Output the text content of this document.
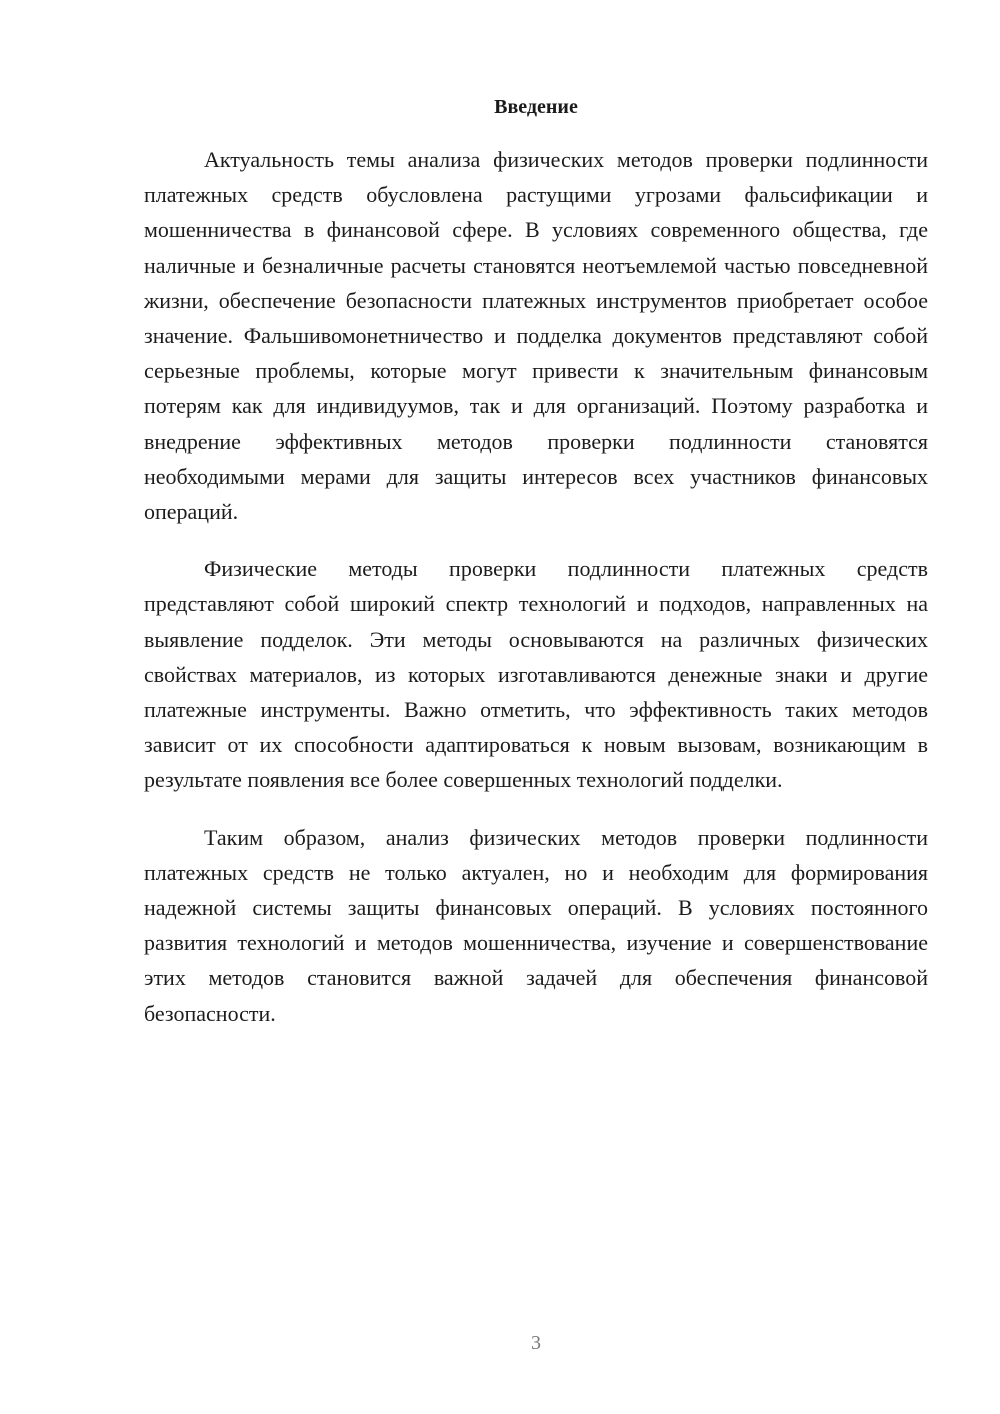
Введение

Актуальность темы анализа физических методов проверки подлинности платежных средств обусловлена растущими угрозами фальсификации и мошенничества в финансовой сфере. В условиях современного общества, где наличные и безналичные расчеты становятся неотъемлемой частью повседневной жизни, обеспечение безопасности платежных инструментов приобретает особое значение. Фальшивомонетничество и подделка документов представляют собой серьезные проблемы, которые могут привести к значительным финансовым потерям как для индивидуумов, так и для организаций. Поэтому разработка и внедрение эффективных методов проверки подлинности становятся необходимыми мерами для защиты интересов всех участников финансовых операций.

Физические методы проверки подлинности платежных средств представляют собой широкий спектр технологий и подходов, направленных на выявление подделок. Эти методы основываются на различных физических свойствах материалов, из которых изготавливаются денежные знаки и другие платежные инструменты. Важно отметить, что эффективность таких методов зависит от их способности адаптироваться к новым вызовам, возникающим в результате появления все более совершенных технологий подделки.

Таким образом, анализ физических методов проверки подлинности платежных средств не только актуален, но и необходим для формирования надежной системы защиты финансовых операций. В условиях постоянного развития технологий и методов мошенничества, изучение и совершенствование этих методов становится важной задачей для обеспечения финансовой безопасности.

3
